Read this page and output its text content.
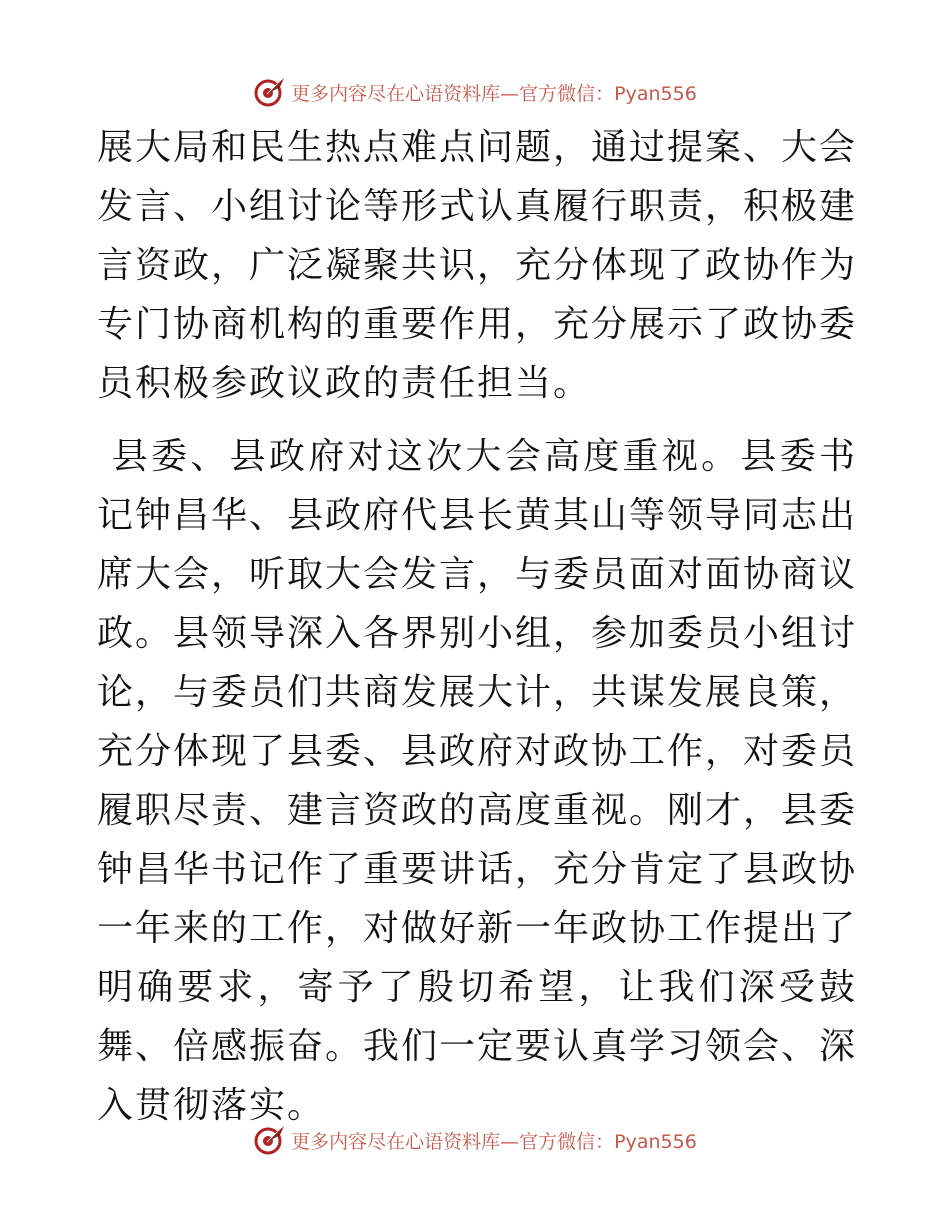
更多内容尽在心语资料库—官方微信：Pyan556

展大局和民生热点难点问题，通过提案、大会发言、小组讨论等形式认真履行职责，积极建言资政，广泛凝聚共识，充分体现了政协作为专门协商机构的重要作用，充分展示了政协委员积极参政议政的责任担当。

县委、县政府对这次大会高度重视。县委书记钟昌华、县政府代县长黄其山等领导同志出席大会，听取大会发言，与委员面对面协商议政。县领导深入各界别小组，参加委员小组讨论，与委员们共商发展大计，共谋发展良策，充分体现了县委、县政府对政协工作，对委员履职尽责、建言资政的高度重视。刚才，县委钟昌华书记作了重要讲话，充分肯定了县政协一年来的工作，对做好新一年政协工作提出了明确要求，寄予了殷切希望，让我们深受鼓舞、倍感振奋。我们一定要认真学习领会、深入贯彻落实。

更多内容尽在心语资料库—官方微信：Pyan556
